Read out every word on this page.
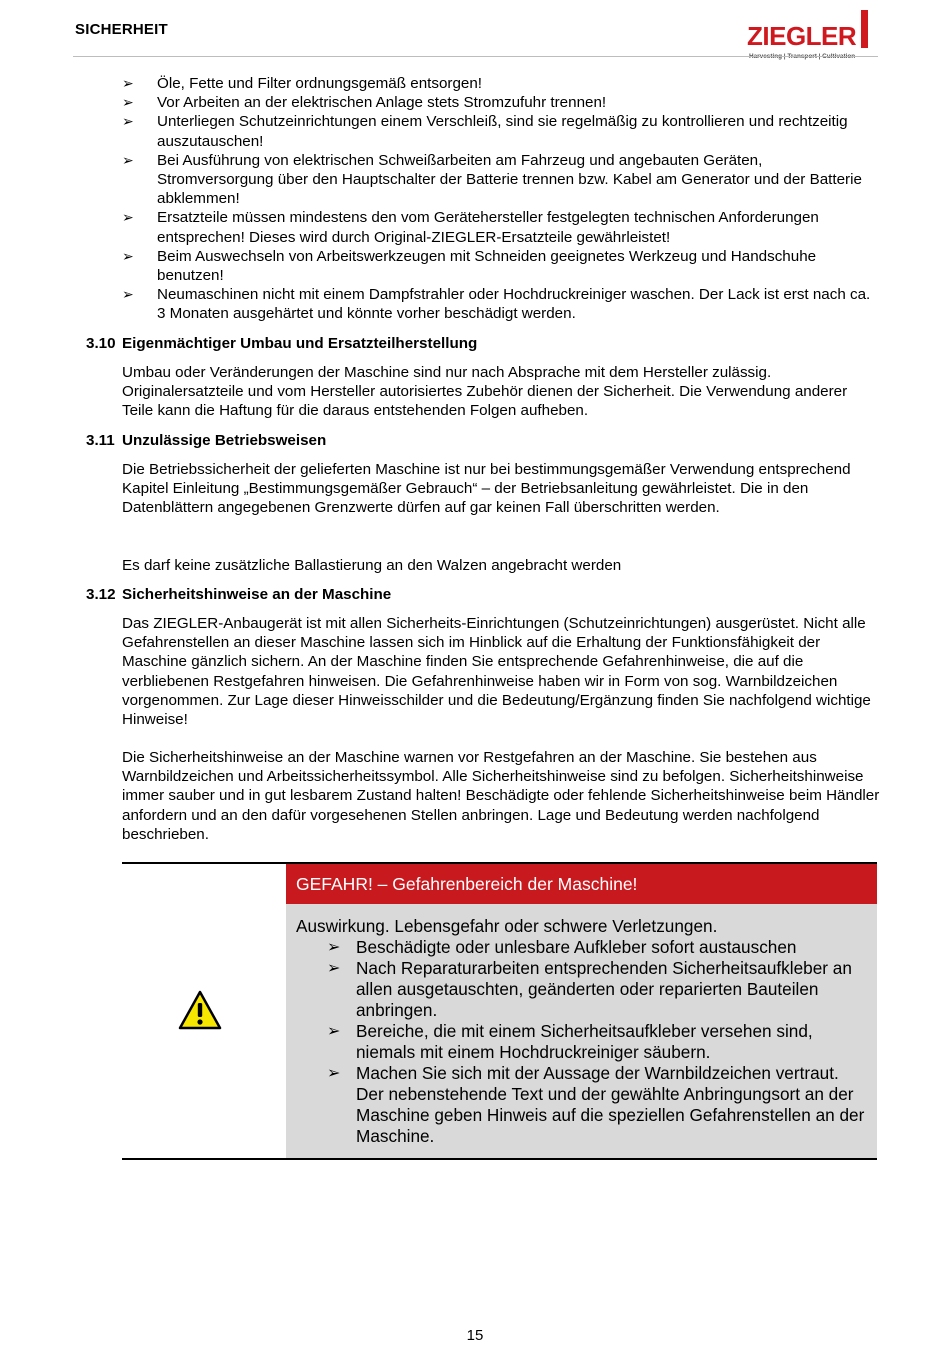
SICHERHEIT	ZIEGLER
Harvesting | Transport | Cultivation
➢ Öle, Fette und Filter ordnungsgemäß entsorgen!
➢ Vor Arbeiten an der elektrischen Anlage stets Stromzufuhr trennen!
➢ Unterliegen Schutzeinrichtungen einem Verschleiß, sind sie regelmäßig zu kontrollieren und rechtzeitig auszutauschen!
➢ Bei Ausführung von elektrischen Schweißarbeiten am Fahrzeug und angebauten Geräten, Stromversorgung über den Hauptschalter der Batterie trennen bzw. Kabel am Generator und der Batterie abklemmen!
➢ Ersatzteile müssen mindestens den vom Gerätehersteller festgelegten technischen Anforderungen entsprechen! Dieses wird durch Original-ZIEGLER-Ersatzteile gewährleistet!
➢ Beim Auswechseln von Arbeitswerkzeugen mit Schneiden geeignetes Werkzeug und Handschuhe benutzen!
➢ Neumaschinen nicht mit einem Dampfstrahler oder Hochdruckreiniger waschen. Der Lack ist erst nach ca. 3 Monaten ausgehärtet und könnte vorher beschädigt werden.
3.10 Eigenmächtiger Umbau und Ersatzteilherstellung

Umbau oder Veränderungen der Maschine sind nur nach Absprache mit dem Hersteller zulässig. Originalersatzteile und vom Hersteller autorisiertes Zubehör dienen der Sicherheit. Die Verwendung anderer Teile kann die Haftung für die daraus entstehenden Folgen aufheben.

3.11 Unzulässige Betriebsweisen

Die Betriebssicherheit der gelieferten Maschine ist nur bei bestimmungsgemäßer Verwendung entsprechend Kapitel Einleitung „Bestimmungsgemäßer Gebrauch“ – der Betriebsanleitung gewährleistet. Die in den Datenblättern angegebenen Grenzwerte dürfen auf gar keinen Fall überschritten werden.

Es darf keine zusätzliche Ballastierung an den Walzen angebracht werden

3.12 Sicherheitshinweise an der Maschine

Das ZIEGLER-Anbaugerät ist mit allen Sicherheits-Einrichtungen (Schutzeinrichtungen) ausgerüstet. Nicht alle Gefahrenstellen an dieser Maschine lassen sich im Hinblick auf die Erhaltung der Funktionsfähigkeit der Maschine gänzlich sichern. An der Maschine finden Sie entsprechende Gefahrenhinweise, die auf die verbliebenen Restgefahren hinweisen. Die Gefahrenhinweise haben wir in Form von sog. Warnbildzeichen vorgenommen. Zur Lage dieser Hinweisschilder und die Bedeutung/Ergänzung finden Sie nachfolgend wichtige Hinweise!

Die Sicherheitshinweise an der Maschine warnen vor Restgefahren an der Maschine. Sie bestehen aus Warnbildzeichen und Arbeitssicherheitssymbol. Alle Sicherheitshinweise sind zu befolgen. Sicherheitshinweise immer sauber und in gut lesbarem Zustand halten! Beschädigte oder fehlende Sicherheitshinweise beim Händler anfordern und an den dafür vorgesehenen Stellen anbringen. Lage und Bedeutung werden nachfolgend beschrieben.

GEFAHR! – Gefahrenbereich der Maschine!
Auswirkung. Lebensgefahr oder schwere Verletzungen.
➢ Beschädigte oder unlesbare Aufkleber sofort austauschen
➢ Nach Reparaturarbeiten entsprechenden Sicherheitsaufkleber an allen ausgetauschten, geänderten oder reparierten Bauteilen anbringen.
➢ Bereiche, die mit einem Sicherheitsaufkleber versehen sind, niemals mit einem Hochdruckreiniger säubern.
➢ Machen Sie sich mit der Aussage der Warnbildzeichen vertraut. Der nebenstehende Text und der gewählte Anbringungsort an der Maschine geben Hinweis auf die speziellen Gefahrenstellen an der Maschine.
15
